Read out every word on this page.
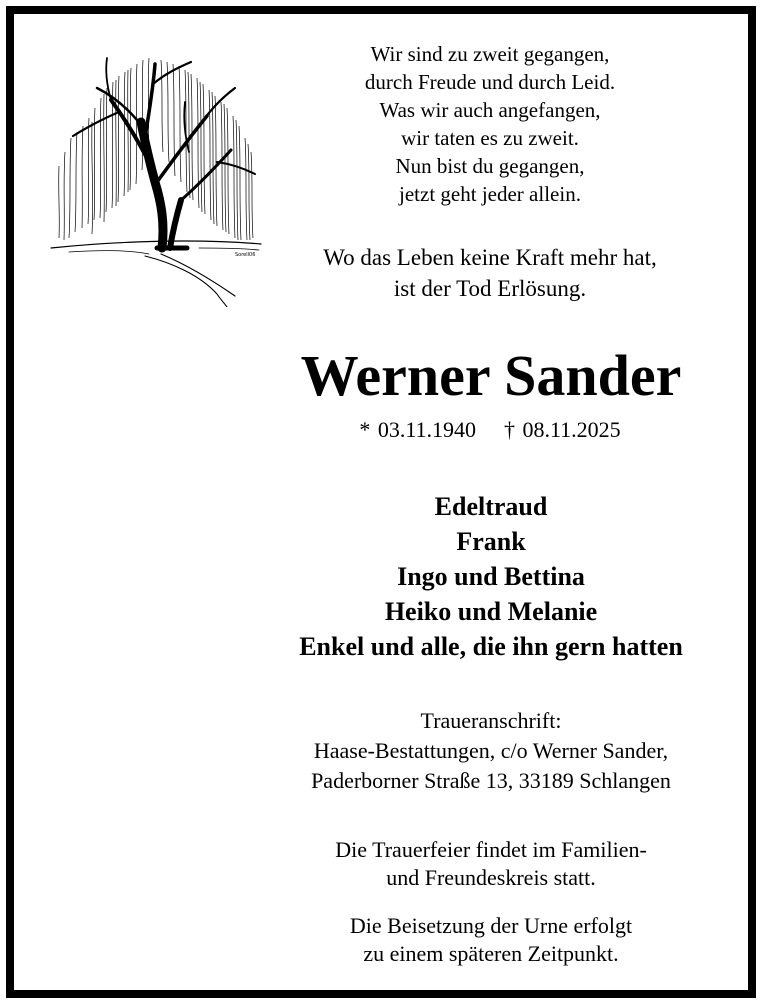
Sorell06
Wir sind zu zweit gegangen,
durch Freude und durch Leid.
Was wir auch angefangen,
wir taten es zu zweit.
Nun bist du gegangen,
jetzt geht jeder allein.
Wo das Leben keine Kraft mehr hat,
ist der Tod Erlösung.
Werner Sander
* 03.11.1940 † 08.11.2025
Edeltraud
Frank
Ingo und Bettina
Heiko und Melanie
Enkel und alle, die ihn gern hatten
Traueranschrift:
Haase-Bestattungen, c/o Werner Sander,
Paderborner Straße 13, 33189 Schlangen
Die Trauerfeier findet im Familien-
und Freundeskreis statt.
Die Beisetzung der Urne erfolgt
zu einem späteren Zeitpunkt.
